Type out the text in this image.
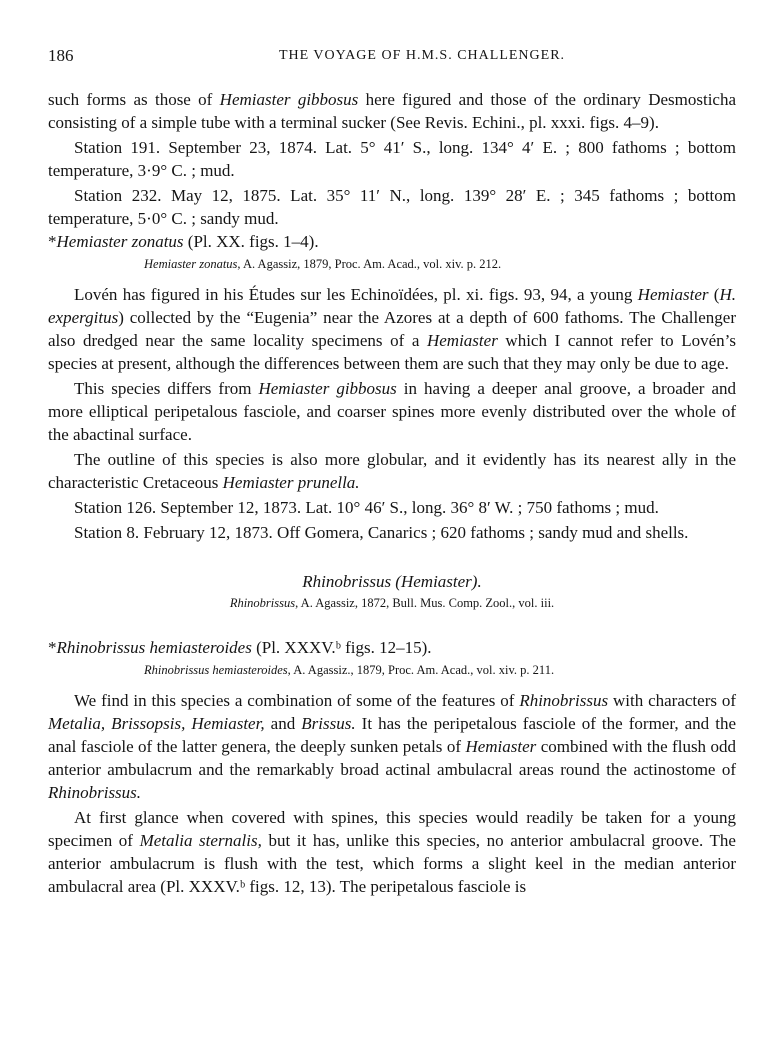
186	THE VOYAGE OF H.M.S. CHALLENGER.

such forms as those of Hemiaster gibbosus here figured and those of the ordinary Desmosticha consisting of a simple tube with a terminal sucker (See Revis. Echini., pl. xxxi. figs. 4–9).

Station 191. September 23, 1874. Lat. 5° 41′ S., long. 134° 4′ E. ; 800 fathoms ; bottom temperature, 3·9° C. ; mud.

Station 232. May 12, 1875. Lat. 35° 11′ N., long. 139° 28′ E. ; 345 fathoms ; bottom temperature, 5·0° C. ; sandy mud.

*Hemiaster zonatus (Pl. XX. figs. 1–4).

Hemiaster zonatus, A. Agassiz, 1879, Proc. Am. Acad., vol. xiv. p. 212.

Lovén has figured in his Études sur les Echinoïdées, pl. xi. figs. 93, 94, a young Hemiaster (H. expergitus) collected by the “Eugenia” near the Azores at a depth of 600 fathoms. The Challenger also dredged near the same locality specimens of a Hemiaster which I cannot refer to Lovén’s species at present, although the differences between them are such that they may only be due to age.

This species differs from Hemiaster gibbosus in having a deeper anal groove, a broader and more elliptical peripetalous fasciole, and coarser spines more evenly distributed over the whole of the abactinal surface.

The outline of this species is also more globular, and it evidently has its nearest ally in the characteristic Cretaceous Hemiaster prunella.

Station 126. September 12, 1873. Lat. 10° 46′ S., long. 36° 8′ W. ; 750 fathoms ; mud.

Station 8. February 12, 1873. Off Gomera, Canarics ; 620 fathoms ; sandy mud and shells.

Rhinobrissus (Hemiaster).
Rhinobrissus, A. Agassiz, 1872, Bull. Mus. Comp. Zool., vol. iii.

*Rhinobrissus hemiasteroides (Pl. XXXV.ᵇ figs. 12–15).

Rhinobrissus hemiasteroides, A. Agassiz., 1879, Proc. Am. Acad., vol. xiv. p. 211.

We find in this species a combination of some of the features of Rhinobrissus with characters of Metalia, Brissopsis, Hemiaster, and Brissus. It has the peripetalous fasciole of the former, and the anal fasciole of the latter genera, the deeply sunken petals of Hemiaster combined with the flush odd anterior ambulacrum and the remarkably broad actinal ambulacral areas round the actinostome of Rhinobrissus.

At first glance when covered with spines, this species would readily be taken for a young specimen of Metalia sternalis, but it has, unlike this species, no anterior ambulacral groove. The anterior ambulacrum is flush with the test, which forms a slight keel in the median anterior ambulacral area (Pl. XXXV.ᵇ figs. 12, 13). The peripetalous fasciole is
